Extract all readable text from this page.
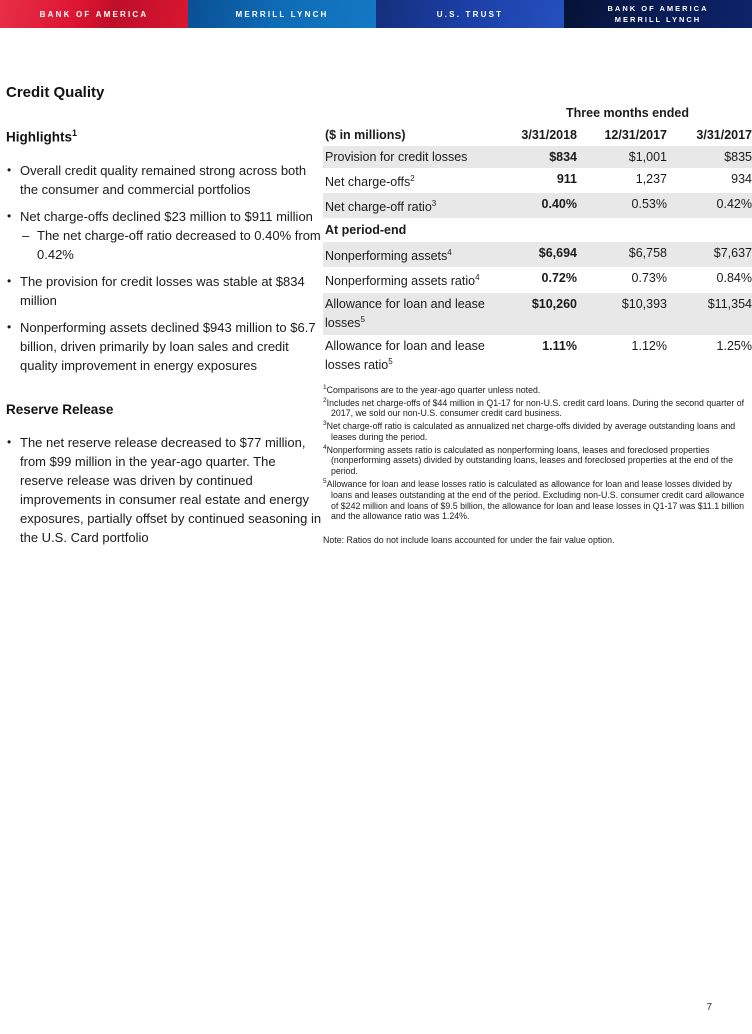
BANK OF AMERICA	MERRILL LYNCH	U.S. TRUST
BANK OF AMERICA
MERRILL LYNCH
Credit Quality
Highlights$^1$
• Overall credit quality remained strong across both the consumer and commercial portfolios
• Net charge-offs declined $23 million to $911 million
– The net charge-off ratio decreased to 0.40% from 0.42%
• The provision for credit losses was stable at $834 million
• Nonperforming assets declined $943 million to $6.7 billion, driven primarily by loan sales and credit quality improvement in energy exposures
Reserve Release
• The net reserve release decreased to $77 million, from $99 million in the year-ago quarter. The reserve release was driven by continued improvements in consumer real estate and energy exposures, partially offset by continued seasoning in the U.S. Card portfolio
Three months ended
($ in millions)	3/31/2018	12/31/2017	3/31/2017
Provision for credit losses	$834	$1,001	$835
Net charge-offs$^2$	911	1,237	934
Net charge-off ratio$^3$	0.40%	0.53%	0.42%
At period-end			
Nonperforming assets$^4$	$6,694	$6,758	$7,637
Nonperforming assets ratio$^4$	0.72%	0.73%	0.84%
Allowance for loan and lease losses$^5$	$10,260	$10,393	$11,354
Allowance for loan and lease losses ratio$^5$	1.11%	1.12%	1.25%
$^1$Comparisons are to the year-ago quarter unless noted.
$^2$Includes net charge-offs of $44 million in Q1-17 for non-U.S. credit card loans. During the second quarter of 2017, we sold our non-U.S. consumer credit card business.
$^3$Net charge-off ratio is calculated as annualized net charge-offs divided by average outstanding loans and leases during the period.
$^4$Nonperforming assets ratio is calculated as nonperforming loans, leases and foreclosed properties (nonperforming assets) divided by outstanding loans, leases and foreclosed properties at the end of the period.
$^5$Allowance for loan and lease losses ratio is calculated as allowance for loan and lease losses divided by loans and leases outstanding at the end of the period. Excluding non-U.S. consumer credit card allowance of $242 million and loans of $9.5 billion, the allowance for loan and lease losses in Q1-17 was $11.1 billion and the allowance ratio was 1.24%.
Note: Ratios do not include loans accounted for under the fair value option.
7
